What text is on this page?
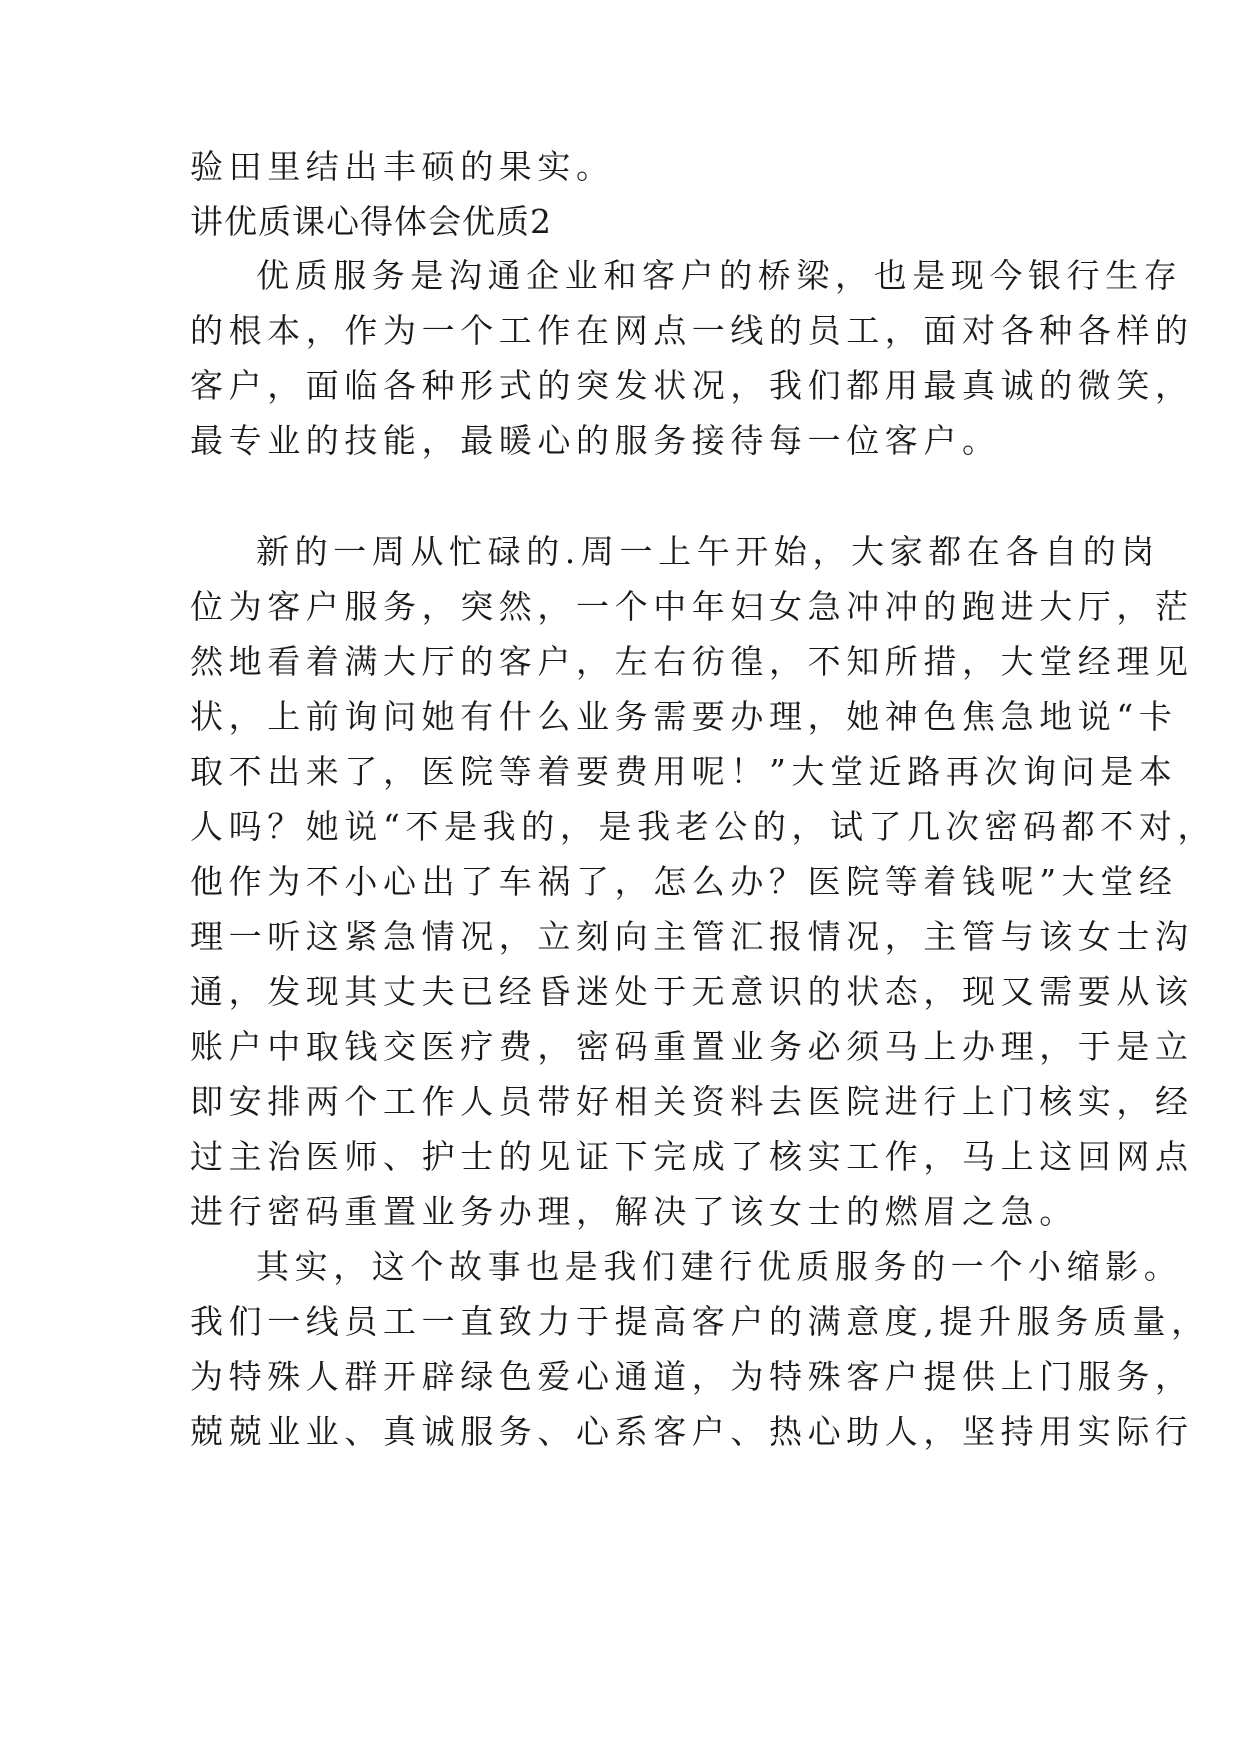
验田里结出丰硕的果实。
讲优质课心得体会优质2
优质服务是沟通企业和客户的桥梁，也是现今银行生存
的根本，作为一个工作在网点一线的员工，面对各种各样的
客户，面临各种形式的突发状况，我们都用最真诚的微笑，
最专业的技能，最暖心的服务接待每一位客户。
新的一周从忙碌的.周一上午开始，大家都在各自的岗
位为客户服务，突然，一个中年妇女急冲冲的跑进大厅，茫
然地看着满大厅的客户，左右彷徨，不知所措，大堂经理见
状，上前询问她有什么业务需要办理，她神色焦急地说“卡
取不出来了，医院等着要费用呢！”大堂近路再次询问是本
人吗？她说“不是我的，是我老公的，试了几次密码都不对，
他作为不小心出了车祸了，怎么办？医院等着钱呢”大堂经
理一听这紧急情况，立刻向主管汇报情况，主管与该女士沟
通，发现其丈夫已经昏迷处于无意识的状态，现又需要从该
账户中取钱交医疗费，密码重置业务必须马上办理，于是立
即安排两个工作人员带好相关资料去医院进行上门核实，经
过主治医师、护士的见证下完成了核实工作，马上这回网点
进行密码重置业务办理，解决了该女士的燃眉之急。
其实，这个故事也是我们建行优质服务的一个小缩影。
我们一线员工一直致力于提高客户的满意度,提升服务质量，
为特殊人群开辟绿色爱心通道，为特殊客户提供上门服务，
兢兢业业、真诚服务、心系客户、热心助人，坚持用实际行
